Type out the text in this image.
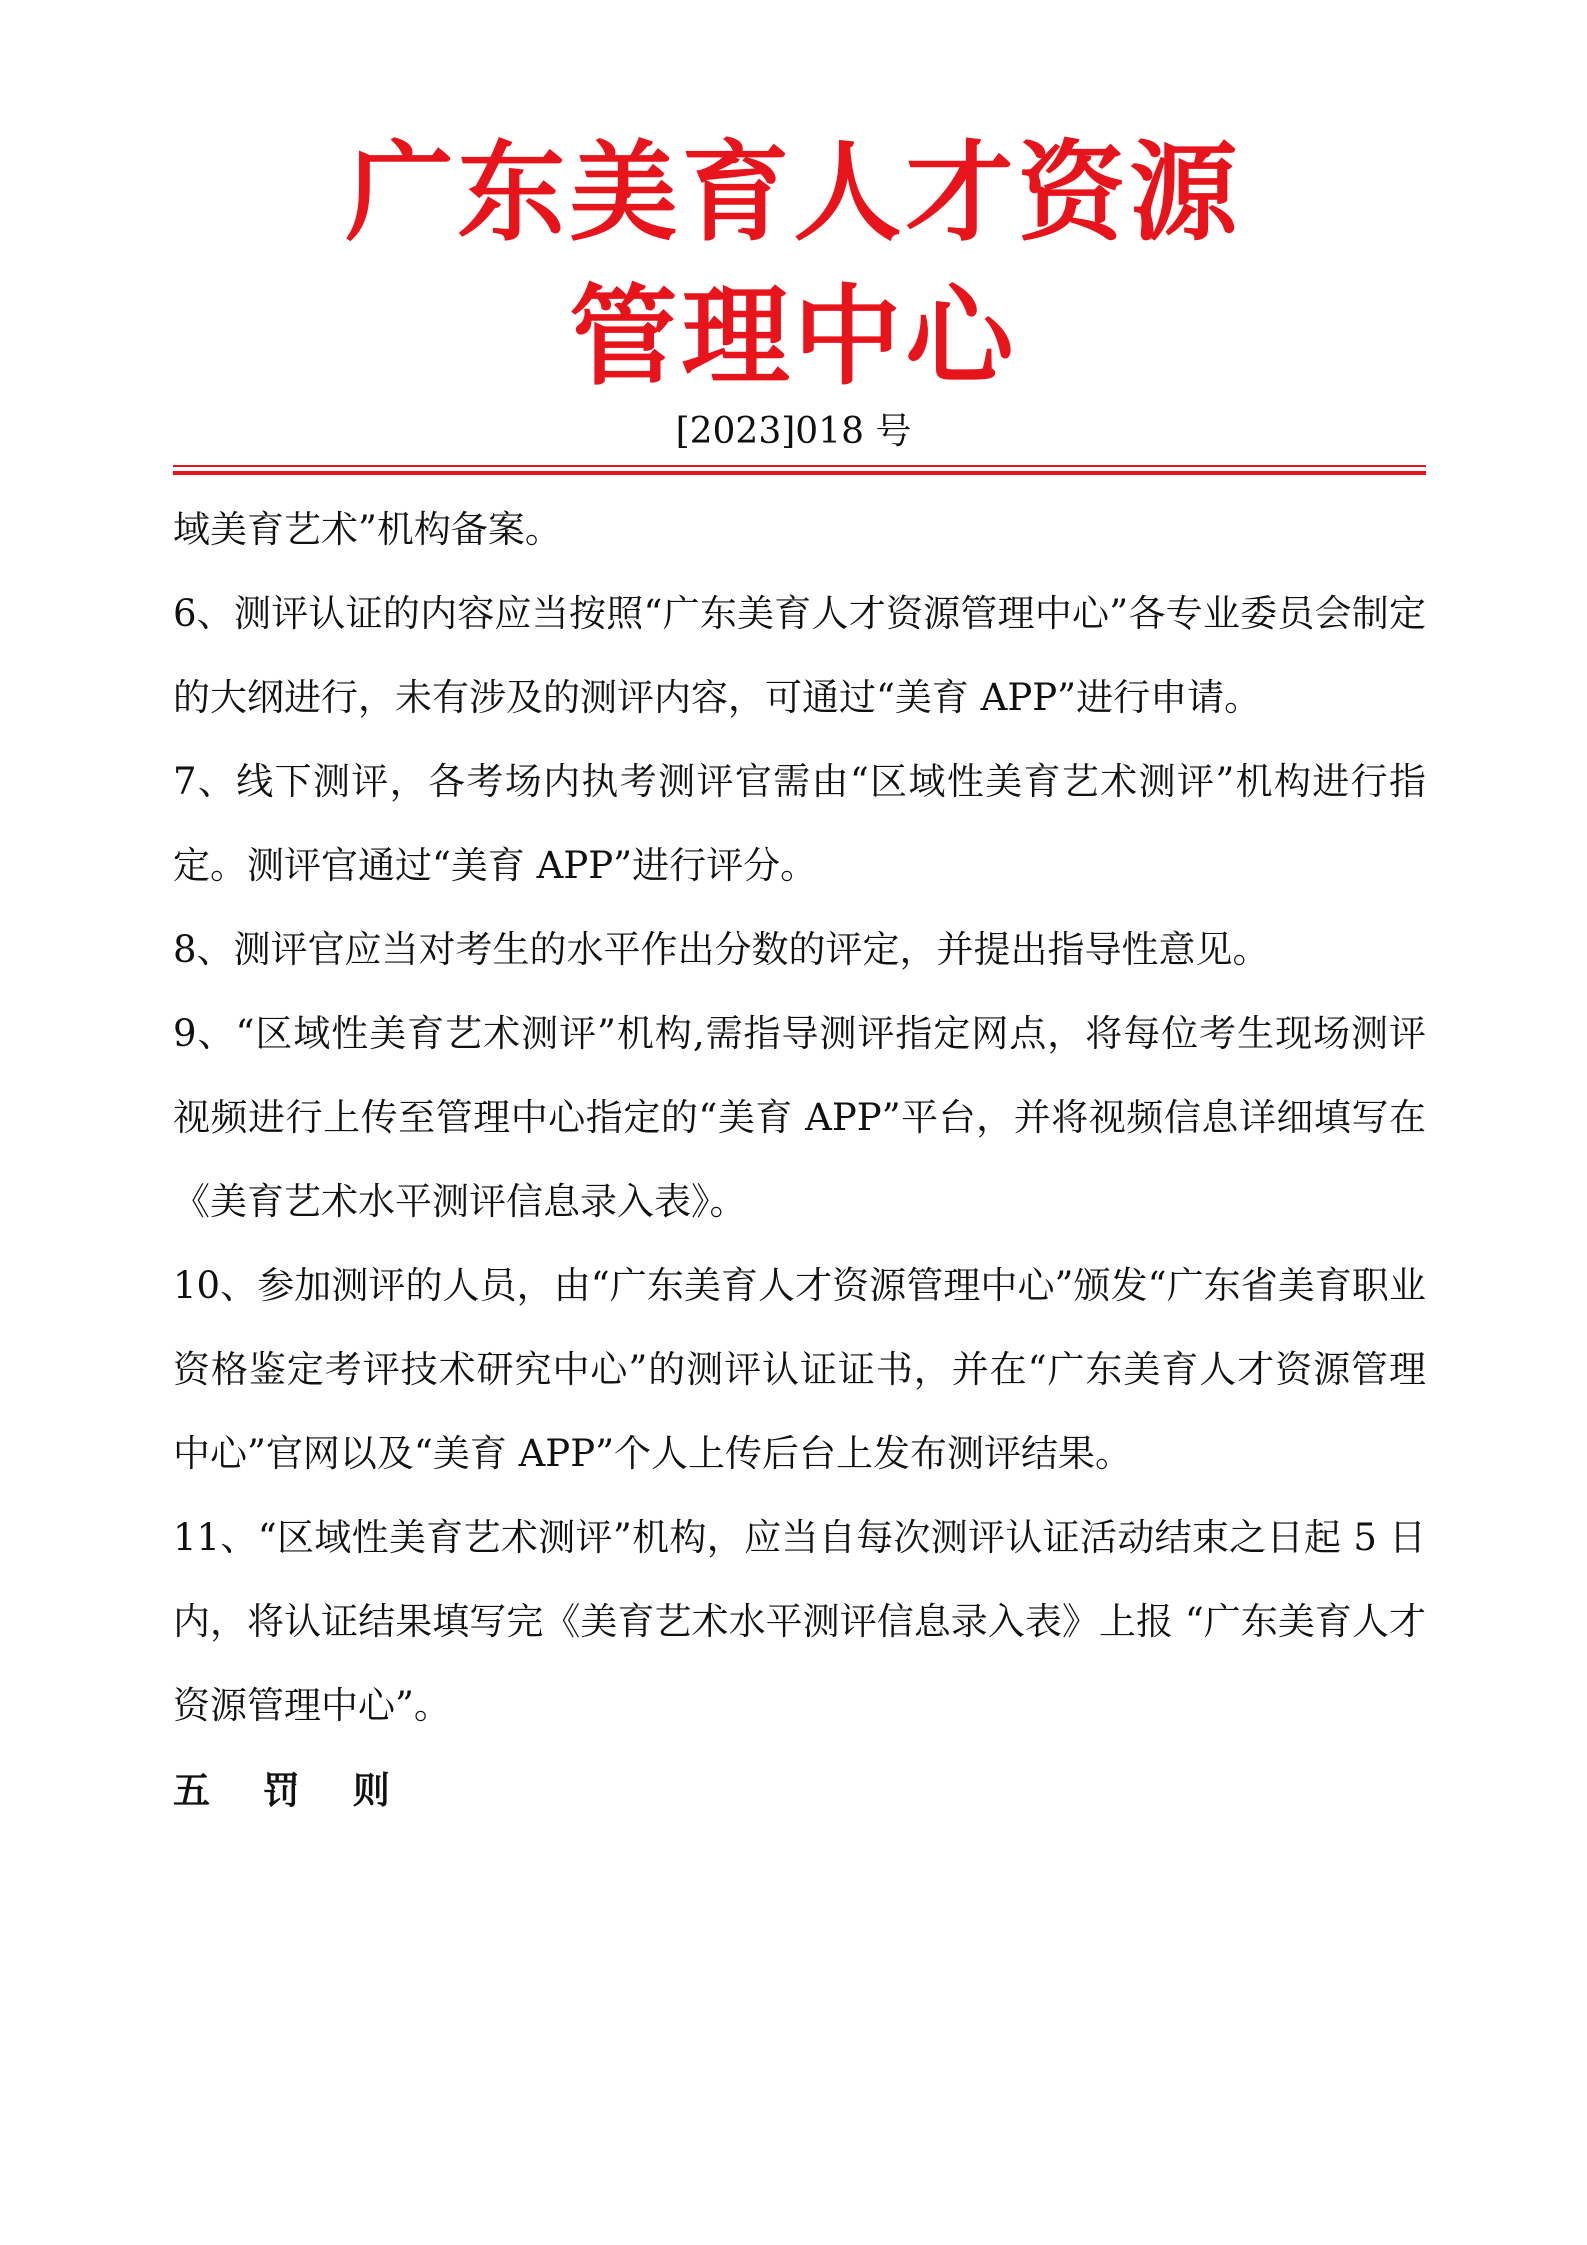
广东美育人才资源
管理中心
[2023]018 号

域美育艺术”机构备案。

6、测评认证的内容应当按照“广东美育人才资源管理中心”各专业委员会制定的大纲进行，未有涉及的测评内容，可通过“美育 APP”进行申请。

7、线下测评，各考场内执考测评官需由“区域性美育艺术测评”机构进行指定。测评官通过“美育 APP”进行评分。

8、测评官应当对考生的水平作出分数的评定，并提出指导性意见。

9、“区域性美育艺术测评”机构,需指导测评指定网点，将每位考生现场测评视频进行上传至管理中心指定的“美育 APP”平台，并将视频信息详细填写在《美育艺术水平测评信息录入表》。

10、参加测评的人员，由“广东美育人才资源管理中心”颁发“广东省美育职业资格鉴定考评技术研究中心”的测评认证证书，并在“广东美育人才资源管理中心”官网以及“美育 APP”个人上传后台上发布测评结果。

11、“区域性美育艺术测评”机构，应当自每次测评认证活动结束之日起 5 日内，将认证结果填写完《美育艺术水平测评信息录入表》上报 “广东美育人才资源管理中心”。

五 罚 则
